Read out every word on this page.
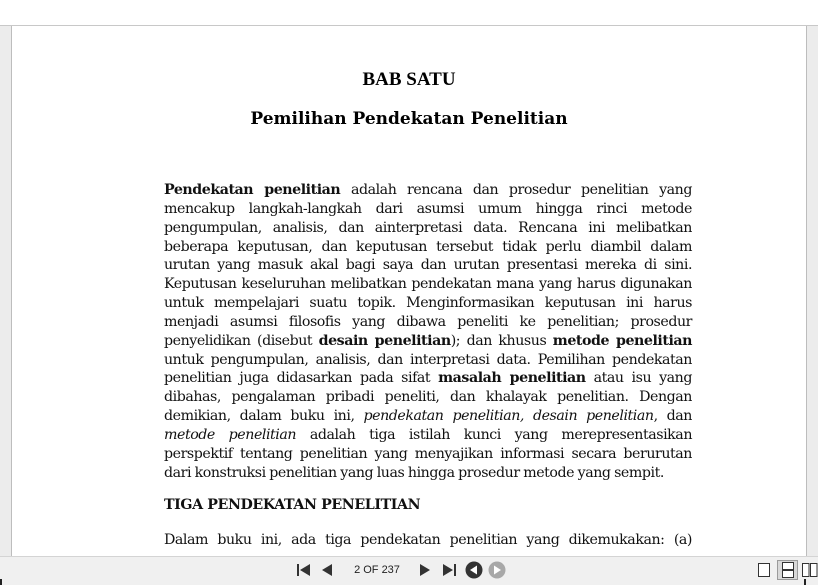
BAB SATU
Pemilihan Pendekatan Penelitian

Pendekatan penelitian adalah rencana dan prosedur penelitian yang mencakup langkah-langkah dari asumsi umum hingga rinci metode pengumpulan, analisis, dan ainterpretasi data. Rencana ini melibatkan beberapa keputusan, dan keputusan tersebut tidak perlu diambil dalam urutan yang masuk akal bagi saya dan urutan presentasi mereka di sini. Keputusan keseluruhan melibatkan pendekatan mana yang harus digunakan untuk mempelajari suatu topik. Menginformasikan keputusan ini harus menjadi asumsi filosofis yang dibawa peneliti ke penelitian; prosedur penyelidikan (disebut desain penelitian); dan khusus metode penelitian untuk pengumpulan, analisis, dan interpretasi data. Pemilihan pendekatan penelitian juga didasarkan pada sifat masalah penelitian atau isu yang dibahas, pengalaman pribadi peneliti, dan khalayak penelitian. Dengan demikian, dalam buku ini, pendekatan penelitian, desain penelitian, dan metode penelitian adalah tiga istilah kunci yang merepresentasikan perspektif tentang penelitian yang menyajikan informasi secara berurutan dari konstruksi penelitian yang luas hingga prosedur metode yang sempit.

TIGA PENDEKATAN PENELITIAN

Dalam buku ini, ada tiga pendekatan penelitian yang dikemukakan: (a)

2 OF 237
